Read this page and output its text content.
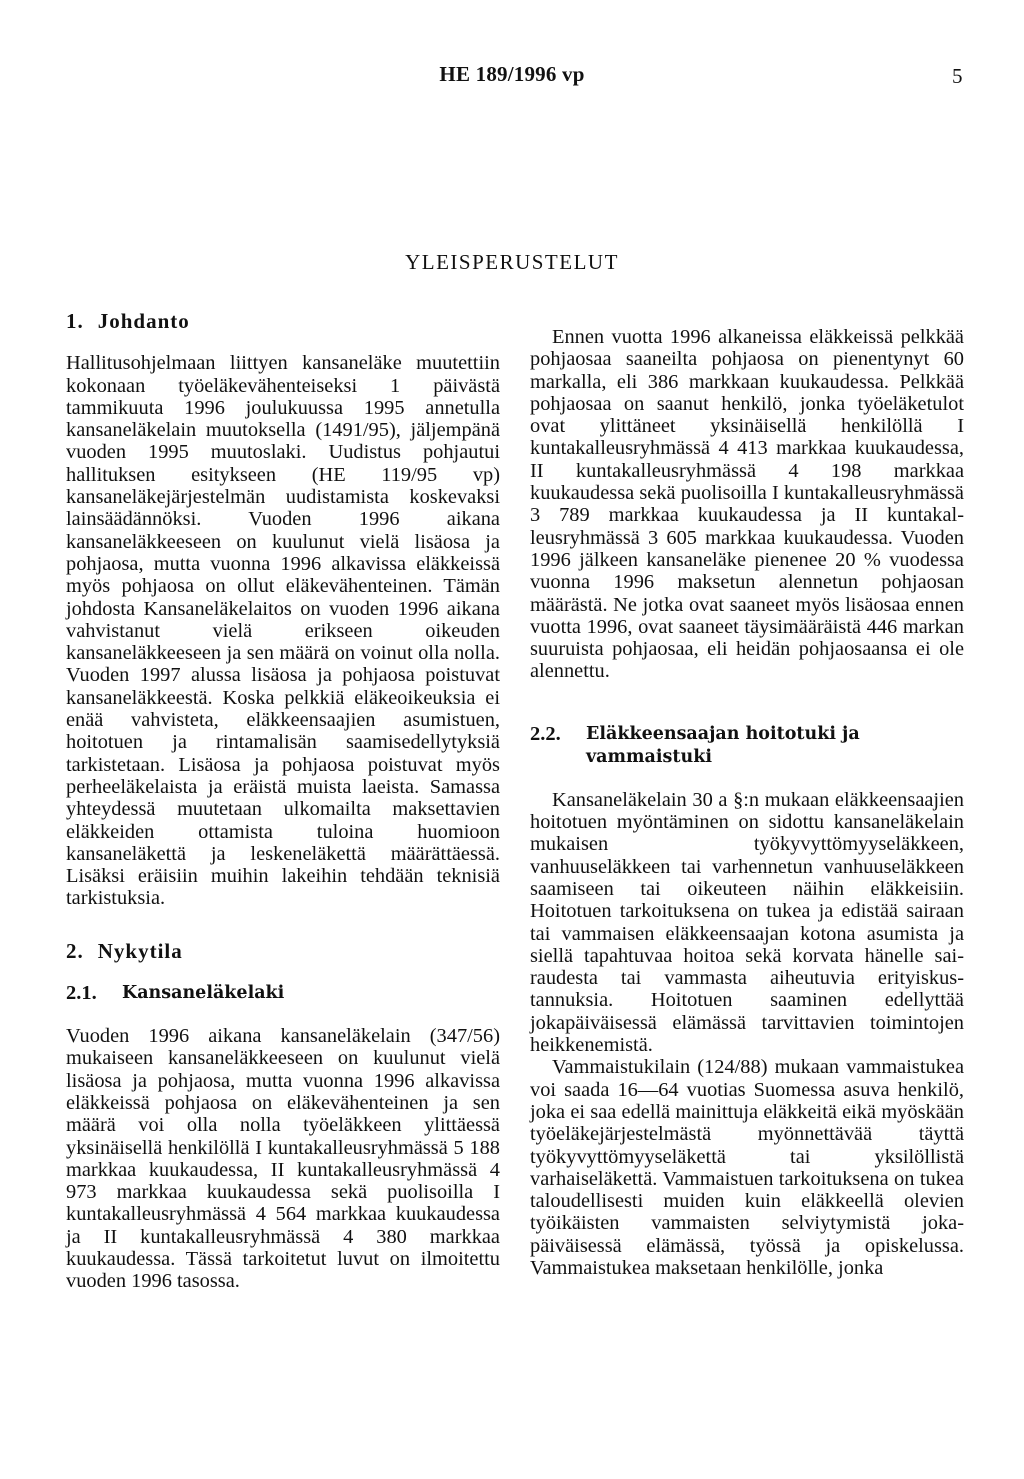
HE 189/1996 vp	5
YLEISPERUSTELUT
1. Johdanto

Hallitusohjelmaan liittyen kansaneläke muutettiin kokonaan työeläkevähenteiseksi 1 päivästä tammikuuta 1996 joulukuussa 1995 annetulla kansaneläkelain muutoksella (1491/95), jäljempänä vuoden 1995 muutoslaki. Uudistus pohjautui hallituksen esitykseen (HE 119/95 vp) kansaneläkejärjestelmän uudistamista koskevaksi lainsäädännöksi. Vuoden 1996 aikana kansaneläkkeeseen on kuulunut vielä lisäosa ja pohjaosa, mutta vuonna 1996 alkavissa eläkkeissä myös pohjaosa on ollut eläkevähenteinen. Tämän johdosta Kansaneläkelaitos on vuoden 1996 aikana vahvistanut vielä erikseen oikeuden kansaneläkkeeseen ja sen määrä on voinut olla nolla. Vuoden 1997 alussa lisäosa ja pohjaosa poistuvat kansaneläkkeestä. Koska pelkkiä eläkeoikeuksia ei enää vahvisteta, eläkkeensaajien asumistuen, hoitotuen ja rintamalisän saamisedellytyksiä tarkistetaan. Lisäosa ja pohjaosa poistuvat myös perheeläkelaista ja eräistä muista laeista. Samassa yhteydessä muutetaan ulkomailta maksettavien eläkkeiden ottamista tuloina huomioon kansaneläkettä ja leskeneläkettä määrättäessä. Lisäksi eräisiin muihin lakeihin tehdään teknisiä tarkistuksia.

2. Nykytila
2.1.	Kansaneläkelaki

Vuoden 1996 aikana kansaneläkelain (347/56) mukaiseen kansaneläkkeeseen on kuulunut vielä lisäosa ja pohjaosa, mutta vuonna 1996 alkavissa eläkkeissä pohjaosa on eläkevähenteinen ja sen määrä voi olla nolla työeläkkeen ylittäessä yksinäisellä henkilöllä I kuntakalleusryhmässä 5 188 markkaa kuukaudessa, II kuntakalleusryhmässä 4 973 markkaa kuukaudessa sekä puolisoilla I kuntakalleusryhmässä 4 564 markkaa kuukaudessa ja II kuntakalleusryhmässä 4 380 markkaa kuukaudessa. Tässä tarkoitetut luvut on ilmoitettu vuoden 1996 tasossa.

Ennen vuotta 1996 alkaneissa eläkkeissä pelkkää pohjaosaa saaneilta pohjaosa on pienentynyt 60 markalla, eli 386 markkaan kuukaudessa. Pelkkää pohjaosaa on saanut henkilö, jonka työeläketulot ovat ylittäneet yksinäisellä henkilöllä I kuntakalleusryhmässä 4 413 markkaa kuukaudessa, II kuntakalleusryhmässä 4 198 markkaa kuukaudessa sekä puolisoilla I kuntakalleusryhmässä 3 789 markkaa kuukaudessa ja II kuntakalleusryhmässä 3 605 markkaa kuukaudessa. Vuoden 1996 jälkeen kansaneläke pienenee 20 % vuodessa vuonna 1996 maksetun alennetun pohjaosan määrästä. Ne jotka ovat saaneet myös lisäosaa ennen vuotta 1996, ovat saaneet täysimääräistä 446 markan suuruista pohjaosaa, eli heidän pohjaosaansa ei ole alennettu.

2.2.	Eläkkeensaajan hoitotuki ja vammaistuki

Kansaneläkelain 30 a §:n mukaan eläkkeensaajien hoitotuen myöntäminen on sidottu kansaneläkelain mukaisen työkyvyttömyyseläkkeen, vanhuuseläkkeen tai varhennetun vanhuuseläkkeen saamiseen tai oikeuteen näihin eläkkeisiin. Hoitotuen tarkoituksena on tukea ja edistää sairaan tai vammaisen eläkkeensaajan kotona asumista ja siellä tapahtuvaa hoitoa sekä korvata hänelle sairaudesta tai vammasta aiheutuvia erityiskustannuksia. Hoitotuen saaminen edellyttää jokapäiväisessä elämässä tarvittavien toimintojen heikkenemistä.

Vammaistukilain (124/88) mukaan vammaistukea voi saada 16—64 vuotias Suomessa asuva henkilö, joka ei saa edellä mainittuja eläkkeitä eikä myöskään työeläkejärjestelmästä myönnettävää täyttä työkyvyttömyyseläkettä tai yksilöllistä varhaiseläkettä. Vammaistuen tarkoituksena on tukea taloudellisesti muiden kuin eläkkeellä olevien työikäisten vammaisten selviytymistä jokapäiväisessä elämässä, työssä ja opiskelussa. Vammaistukea maksetaan henkilölle, jonka
